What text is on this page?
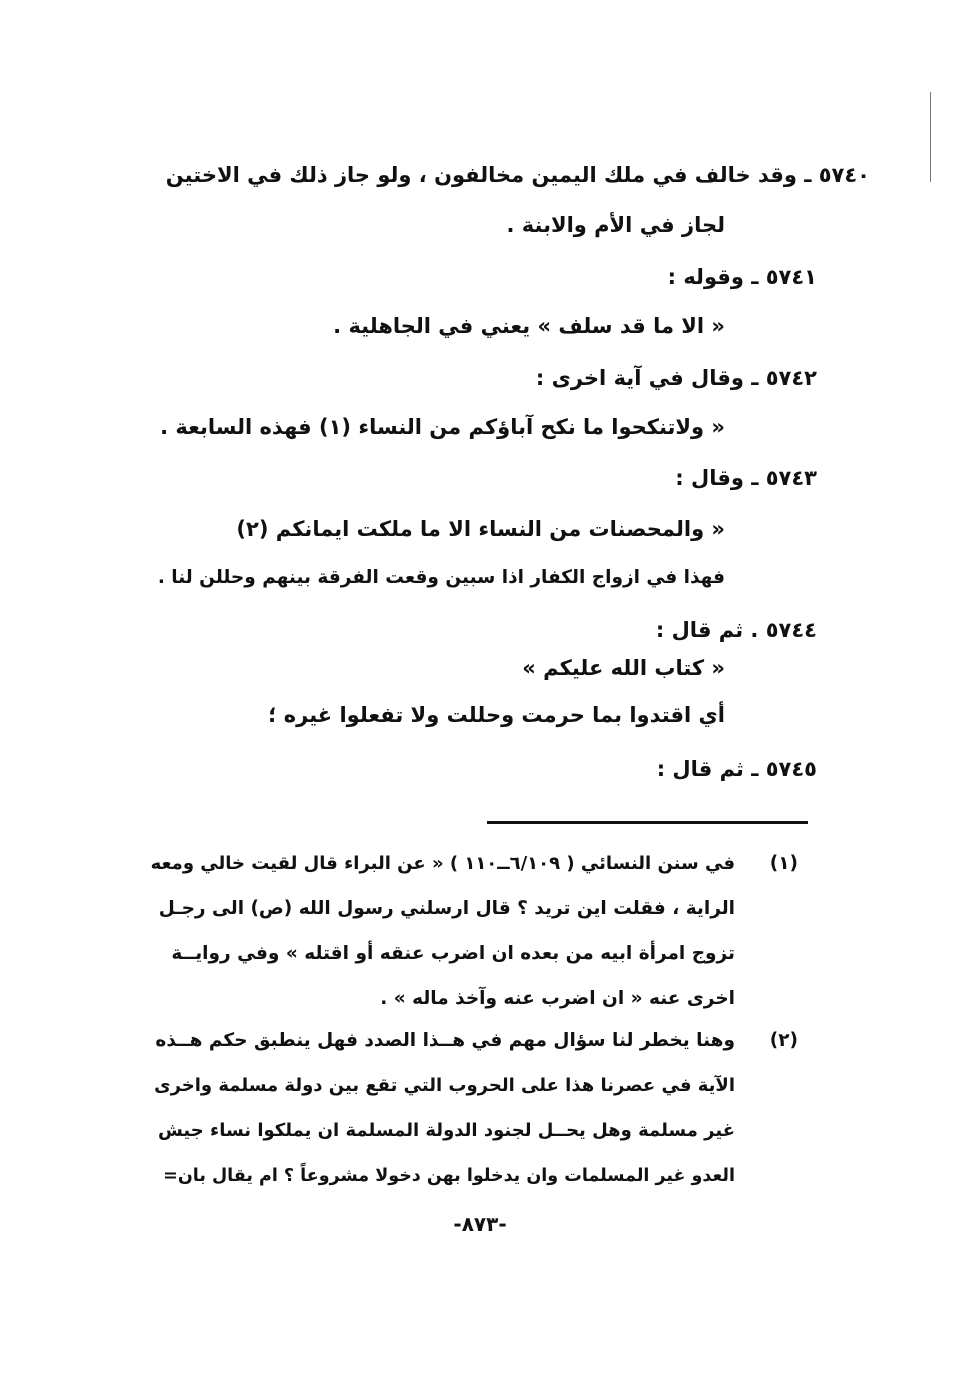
٥٧٤٠ ـ وقد خالف في ملك اليمين مخالفون ، ولو جاز ذلك في الاختين
لجاز في الأم والابنة .
٥٧٤١ ـ وقوله :
« الا ما قد سلف » يعني في الجاهلية .
٥٧٤٢ ـ وقال في آية اخرى :
« ولاتنكحوا ما نكح آباؤكم من النساء (١) فهذه السابعة .
٥٧٤٣ ـ وقال :
« والمحصنات من النساء الا ما ملكت ايمانكم (٢)
فهذا في ازواج الكفار اذا سبين وقعت الفرقة بينهم وحللن لنا .
٥٧٤٤ . ثم قال :
« كتاب الله عليكم »
أي اقتدوا بما حرمت وحللت ولا تفعلوا غيره ؛
٥٧٤٥ ـ ثم قال :
(١)
في سنن النسائي ( ٦/١٠٩ــ١١٠ ) « عن البراء قال لقيت خالي ومعه
الراية ، فقلت اين تريد ؟ قال ارسلني رسول الله (ص) الى رجـل
تزوج امرأة ابيه من بعده ان اضرب عنقه أو اقتله » وفي روايــة
اخرى عنه « ان اضرب عنه وآخذ ماله » .
(٢)
وهنا يخطر لنا سؤال مهم في هــذا الصدد فهل ينطبق حكم هــذه
الآية في عصرنا هذا على الحروب التي تقع بين دولة مسلمة واخرى
غير مسلمة وهل يحــل لجنود الدولة المسلمة ان يملكوا نساء جيش
العدو غير المسلمات وان يدخلوا بهن دخولا مشروعاً ؟ ام يقال بان=
-٨٧٣-
